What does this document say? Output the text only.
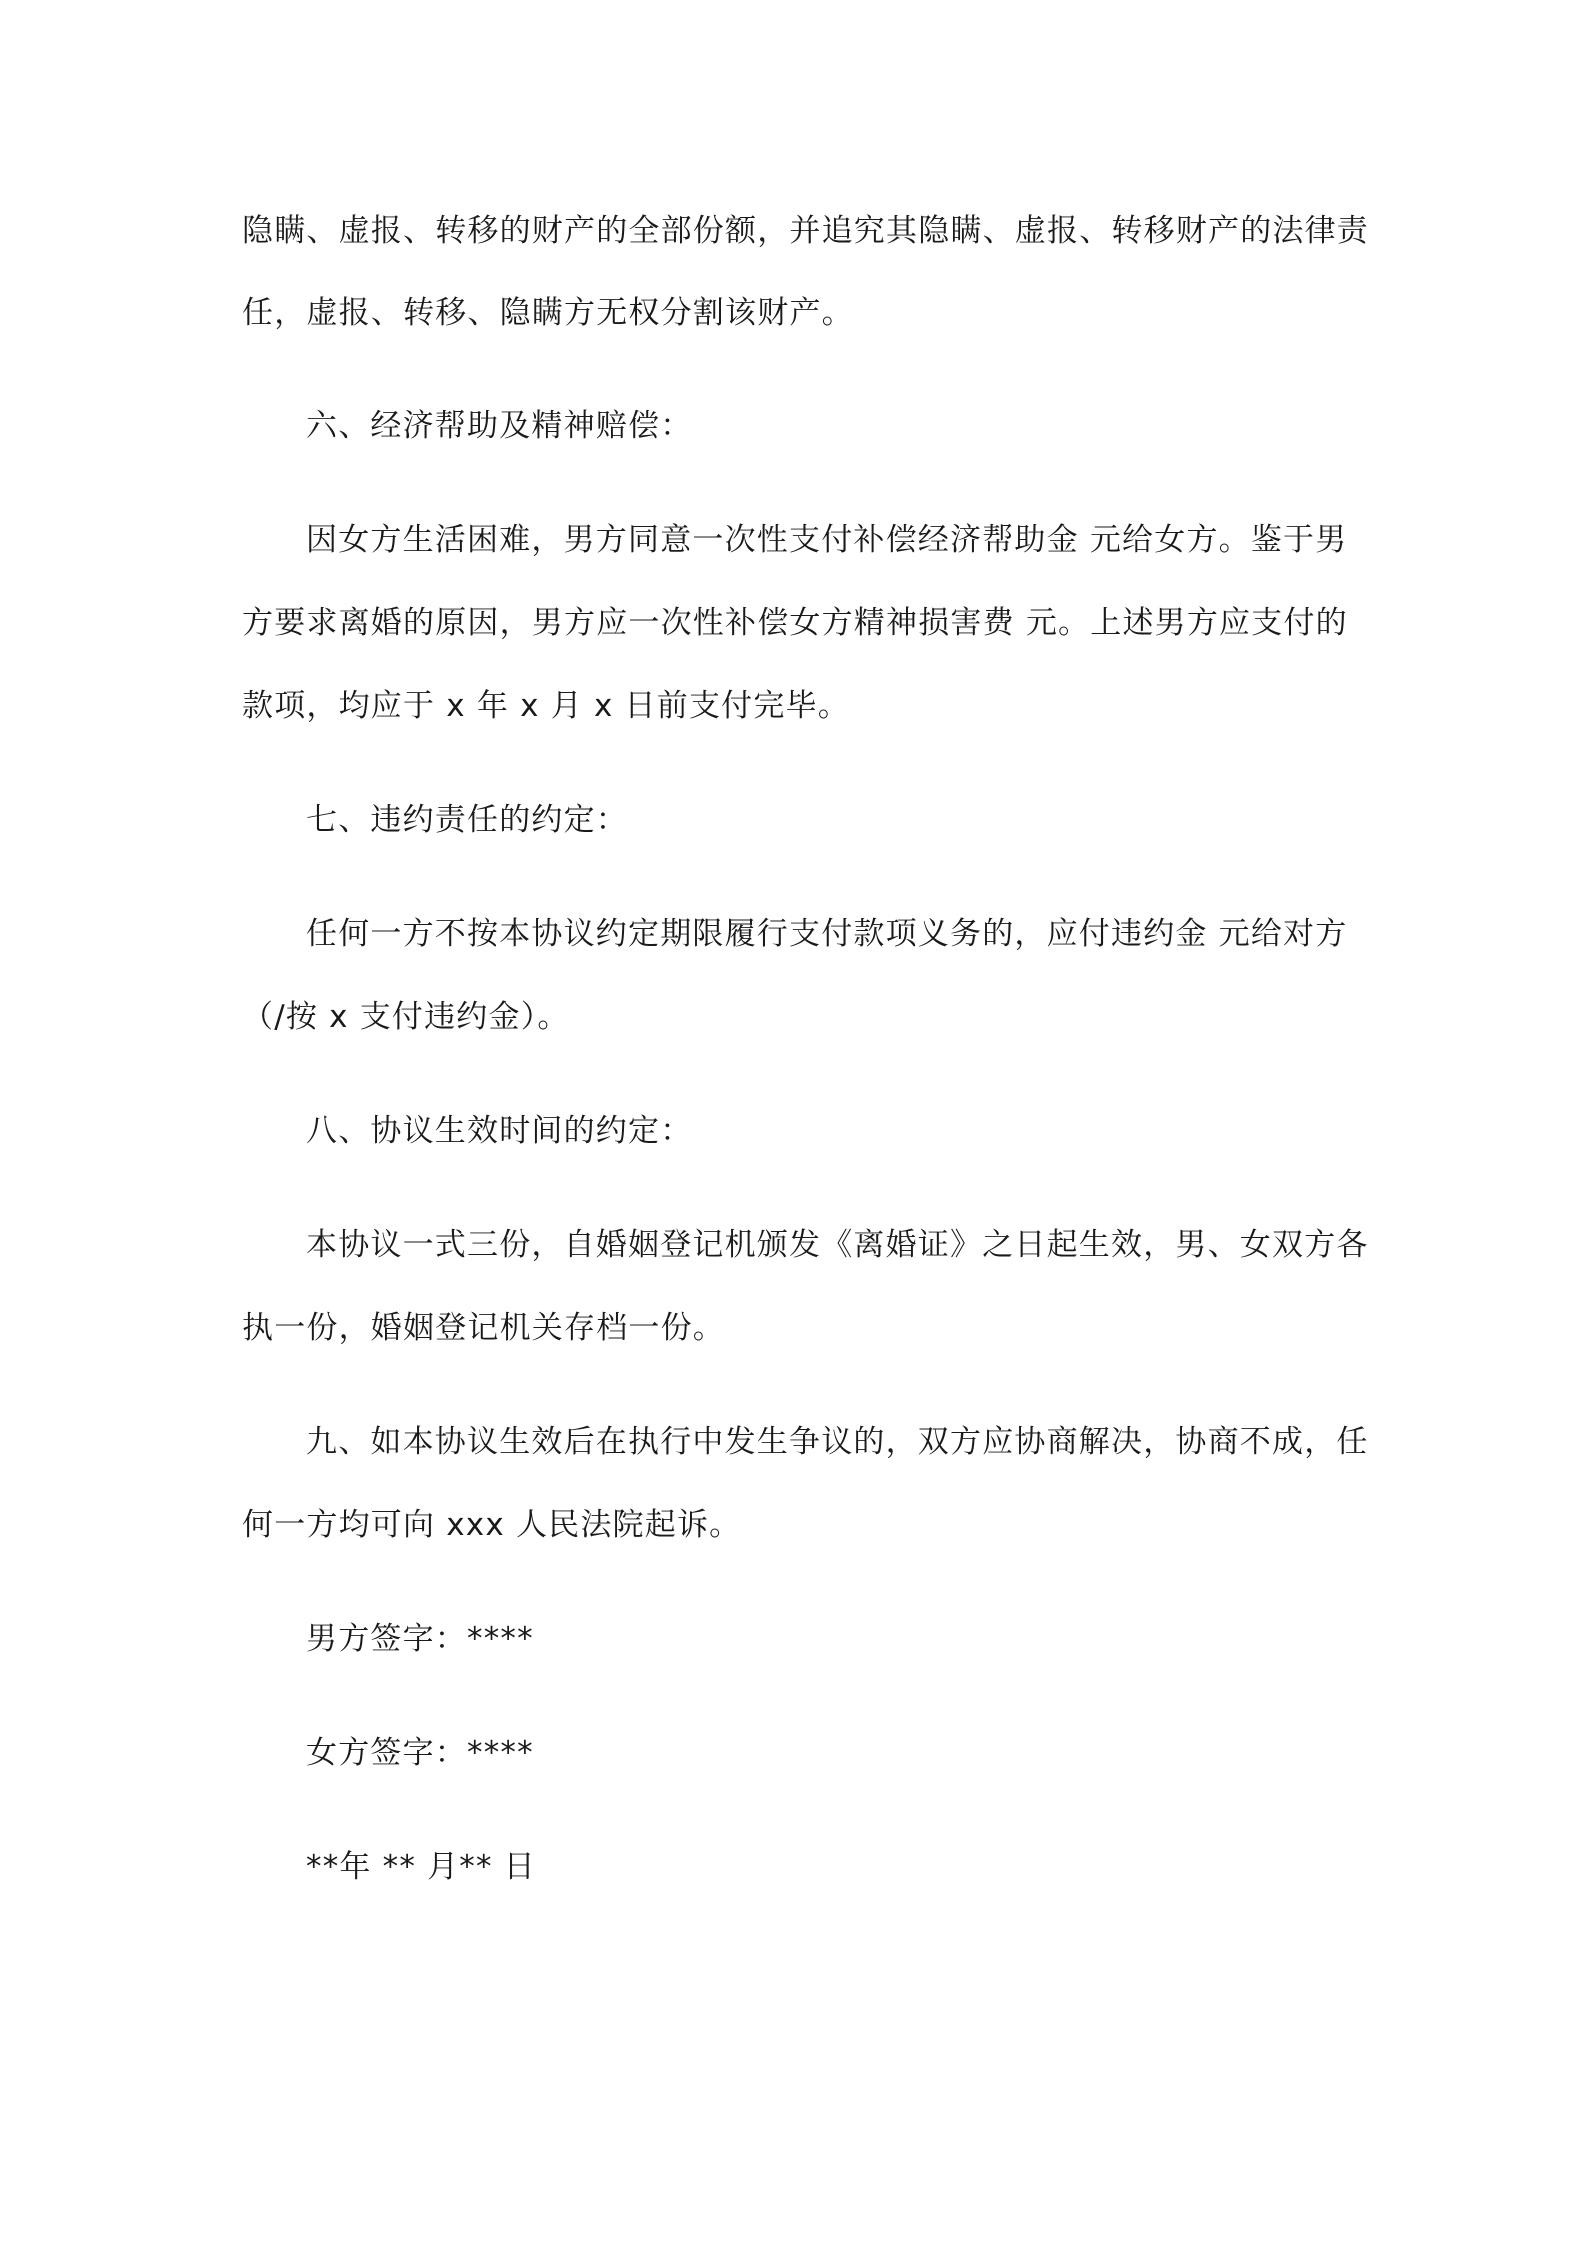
隐瞒、虚报、转移的财产的全部份额，并追究其隐瞒、虚报、转移财产的法律责
任，虚报、转移、隐瞒方无权分割该财产。
六、经济帮助及精神赔偿：
因女方生活困难，男方同意一次性支付补偿经济帮助金 元给女方。鉴于男
方要求离婚的原因，男方应一次性补偿女方精神损害费 元。上述男方应支付的
款项，均应于 x 年 x 月 x 日前支付完毕。
七、违约责任的约定：
任何一方不按本协议约定期限履行支付款项义务的，应付违约金 元给对方
（/按 x 支付违约金）。
八、协议生效时间的约定：
本协议一式三份，自婚姻登记机颁发《离婚证》之日起生效，男、女双方各
执一份，婚姻登记机关存档一份。
九、如本协议生效后在执行中发生争议的，双方应协商解决，协商不成，任
何一方均可向 xxx 人民法院起诉。
男方签字：****
女方签字：****
**年 ** 月** 日
